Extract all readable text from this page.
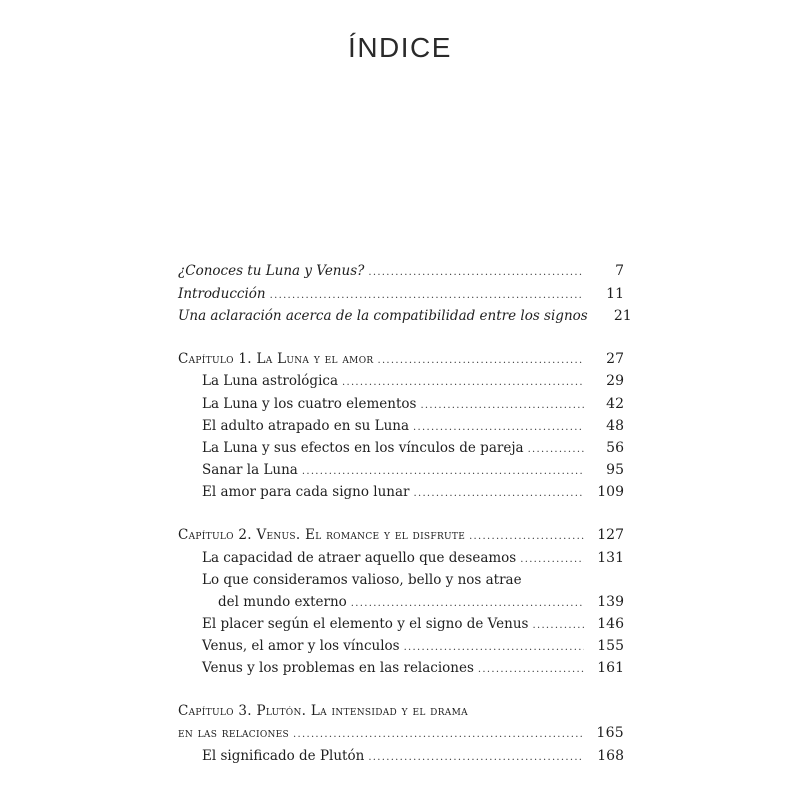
ÍNDICE
¿Conoces tu Luna y Venus? .....	7
Introducción .....	11
Una aclaración acerca de la compatibilidad entre los signos	21
Capítulo 1. La Luna y el amor .....	27
La Luna astrológica .....	29
La Luna y los cuatro elementos .....	42
El adulto atrapado en su Luna .....	48
La Luna y sus efectos en los vínculos de pareja .....	56
Sanar la Luna .....	95
El amor para cada signo lunar .....	109
Capítulo 2. Venus. El romance y el disfrute .....	127
La capacidad de atraer aquello que deseamos .....	131
Lo que consideramos valioso, bello y nos atrae
del mundo externo .....	139
El placer según el elemento y el signo de Venus .....	146
Venus, el amor y los vínculos .....	155
Venus y los problemas en las relaciones .....	161
Capítulo 3. Plutón. La intensidad y el drama
en las relaciones .....	165
El significado de Plutón .....	168
